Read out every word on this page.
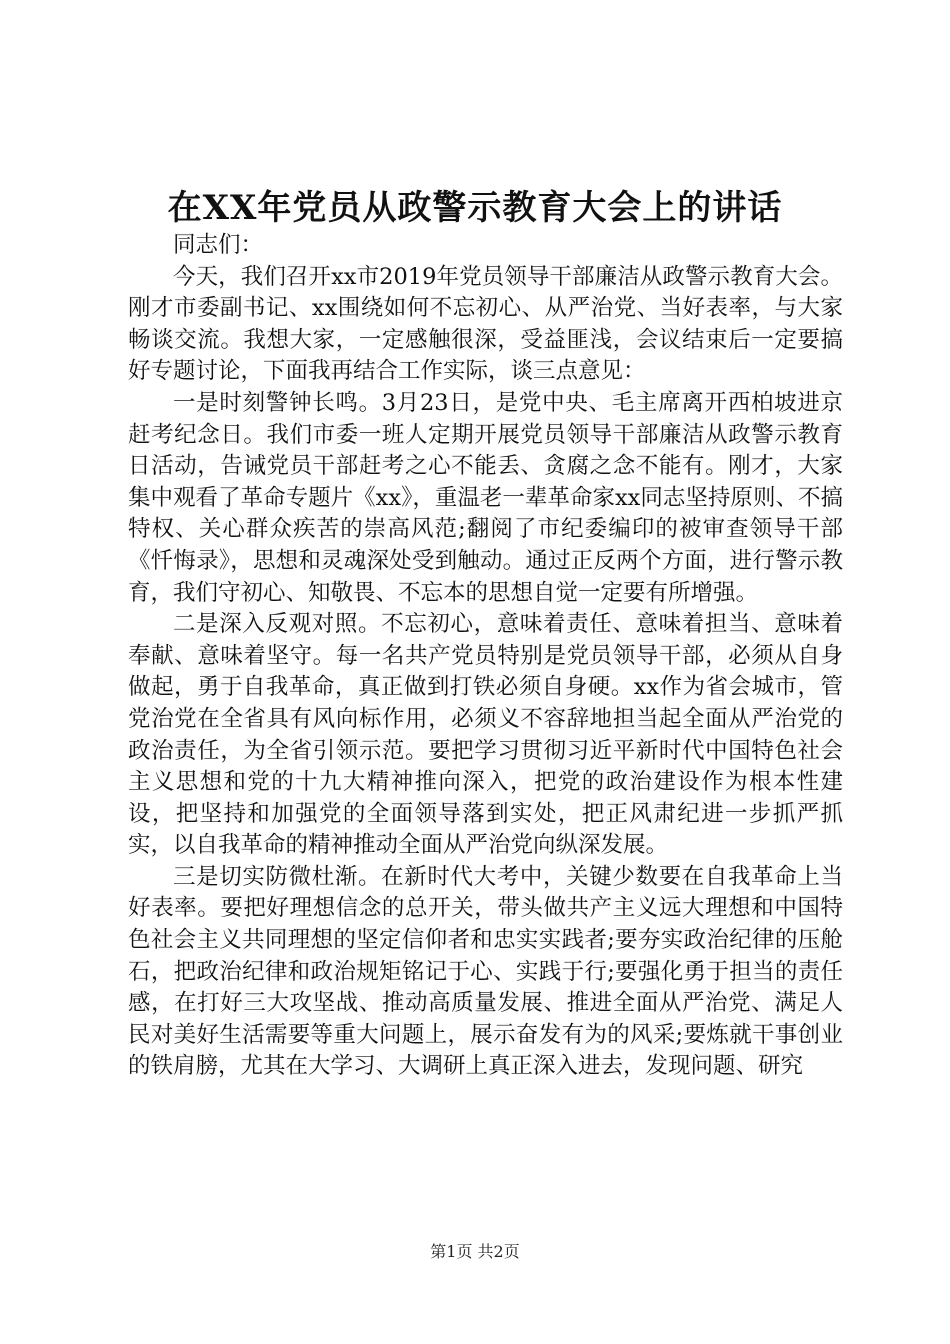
在XX年党员从政警示教育大会上的讲话

同志们：

今天，我们召开xx市2019年党员领导干部廉洁从政警示教育大会。刚才市委副书记、xx围绕如何不忘初心、从严治党、当好表率，与大家畅谈交流。我想大家，一定感触很深，受益匪浅，会议结束后一定要搞好专题讨论，下面我再结合工作实际，谈三点意见：

一是时刻警钟长鸣。3月23日，是党中央、毛主席离开西柏坡进京赶考纪念日。我们市委一班人定期开展党员领导干部廉洁从政警示教育日活动，告诫党员干部赶考之心不能丢、贪腐之念不能有。刚才，大家集中观看了革命专题片《xx》，重温老一辈革命家xx同志坚持原则、不搞特权、关心群众疾苦的崇高风范;翻阅了市纪委编印的被审查领导干部《忏悔录》，思想和灵魂深处受到触动。通过正反两个方面，进行警示教育，我们守初心、知敬畏、不忘本的思想自觉一定要有所增强。

二是深入反观对照。不忘初心，意味着责任、意味着担当、意味着奉献、意味着坚守。每一名共产党员特别是党员领导干部，必须从自身做起，勇于自我革命，真正做到打铁必须自身硬。xx作为省会城市，管党治党在全省具有风向标作用，必须义不容辞地担当起全面从严治党的政治责任，为全省引领示范。要把学习贯彻习近平新时代中国特色社会主义思想和党的十九大精神推向深入，把党的政治建设作为根本性建设，把坚持和加强党的全面领导落到实处，把正风肃纪进一步抓严抓实，以自我革命的精神推动全面从严治党向纵深发展。

三是切实防微杜渐。在新时代大考中，关键少数要在自我革命上当好表率。要把好理想信念的总开关，带头做共产主义远大理想和中国特色社会主义共同理想的坚定信仰者和忠实实践者;要夯实政治纪律的压舱石，把政治纪律和政治规矩铭记于心、实践于行;要强化勇于担当的责任感，在打好三大攻坚战、推动高质量发展、推进全面从严治党、满足人民对美好生活需要等重大问题上，展示奋发有为的风采;要炼就干事创业的铁肩膀，尤其在大学习、大调研上真正深入进去，发现问题、研究

第1页 共2页
